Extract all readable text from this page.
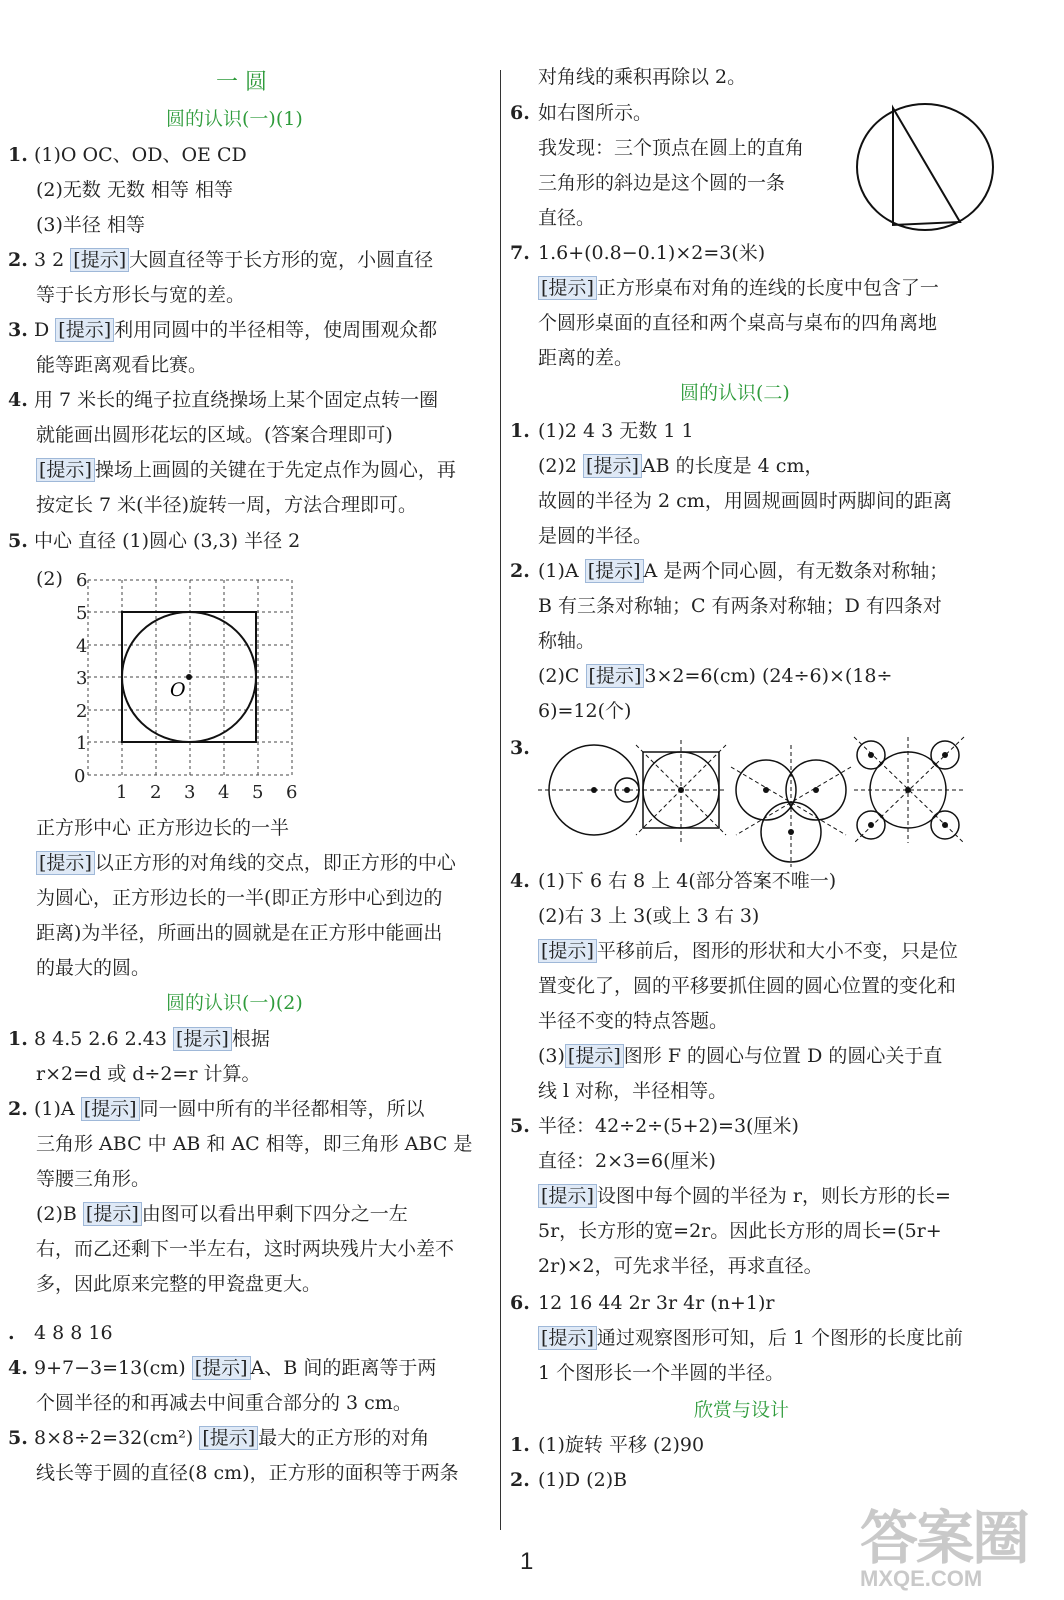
一 圆
圆的认识(一)(1)
1. (1)O OC、OD、OE CD
(2)无数 无数 相等 相等
(3)半径 相等
2. 3 2 [提示] 大圆直径等于长方形的宽，小圆直径
等于长方形长与宽的差。
3. D [提示] 利用同圆中的半径相等，使周围观众都
能等距离观看比赛。
4. 用 7 米长的绳子拉直绕操场上某个固定点转一圈
就能画出圆形花坛的区域。(答案合理即可)
[提示] 操场上画圆的关键在于先定点作为圆心，再
按定长 7 米(半径)旋转一周，方法合理即可。
5. 中心 直径 (1)圆心 (3,3) 半径 2
(2)
O
1 2 3 4 5 6
0
1
2
3
4
5
6
正方形中心 正方形边长的一半
[提示] 以正方形的对角线的交点，即正方形的中心
为圆心，正方形边长的一半(即正方形中心到边的
距离)为半径，所画出的圆就是在正方形中能画出
的最大的圆。
圆的认识(一)(2)
1. 8 4.5 2.6 2.43 [提示] 根据
r×2=d 或 d÷2=r 计算。
2. (1)A [提示] 同一圆中所有的半径都相等，所以
三角形 ABC 中 AB 和 AC 相等，即三角形 ABC 是
等腰三角形。
(2)B [提示] 由图可以看出甲剩下四分之一左
右，而乙还剩下一半左右，这时两块残片大小差不
多，因此原来完整的甲瓷盘更大。
. 4 8 8 16
4. 9+7−3=13(cm) [提示] A、B 间的距离等于两
个圆半径的和再减去中间重合部分的 3 cm。
5. 8×8÷2=32(cm²) [提示] 最大的正方形的对角
线长等于圆的直径(8 cm)，正方形的面积等于两条
对角线的乘积再除以 2。
6. 如右图所示。
我发现：三个顶点在圆上的直角
三角形的斜边是这个圆的一条
直径。
7. 1.6+(0.8−0.1)×2=3(米)
[提示] 正方形桌布对角的连线的长度中包含了一
个圆形桌面的直径和两个桌高与桌布的四角离地
距离的差。
圆的认识(二)
1. (1)2 4 3 无数 1 1
(2)2 [提示] AB 的长度是 4 cm，
故圆的半径为 2 cm，用圆规画圆时两脚间的距离
是圆的半径。
2. (1)A [提示] A 是两个同心圆，有无数条对称轴；
B 有三条对称轴；C 有两条对称轴；D 有四条对
称轴。
(2)C [提示] 3×2=6(cm) (24÷6)×(18÷
6)=12(个)
3.
4. (1)下 6 右 8 上 4(部分答案不唯一)
(2)右 3 上 3(或上 3 右 3)
[提示] 平移前后，图形的形状和大小不变，只是位
置变化了，圆的平移要抓住圆的圆心位置的变化和
半径不变的特点答题。
(3) [提示] 图形 F 的圆心与位置 D 的圆心关于直
线 l 对称，半径相等。
5. 半径：42÷2÷(5+2)=3(厘米)
直径：2×3=6(厘米)
[提示] 设图中每个圆的半径为 r，则长方形的长=
5r，长方形的宽=2r。因此长方形的周长=(5r+
2r)×2，可先求半径，再求直径。
6. 12 16 44 2r 3r 4r (n+1)r
[提示] 通过观察图形可知，后 1 个图形的长度比前
1 个图形长一个半圆的半径。
欣赏与设计
1. (1)旋转 平移 (2)90
2. (1)D (2)B
1	答案圈
MXQE.COM
